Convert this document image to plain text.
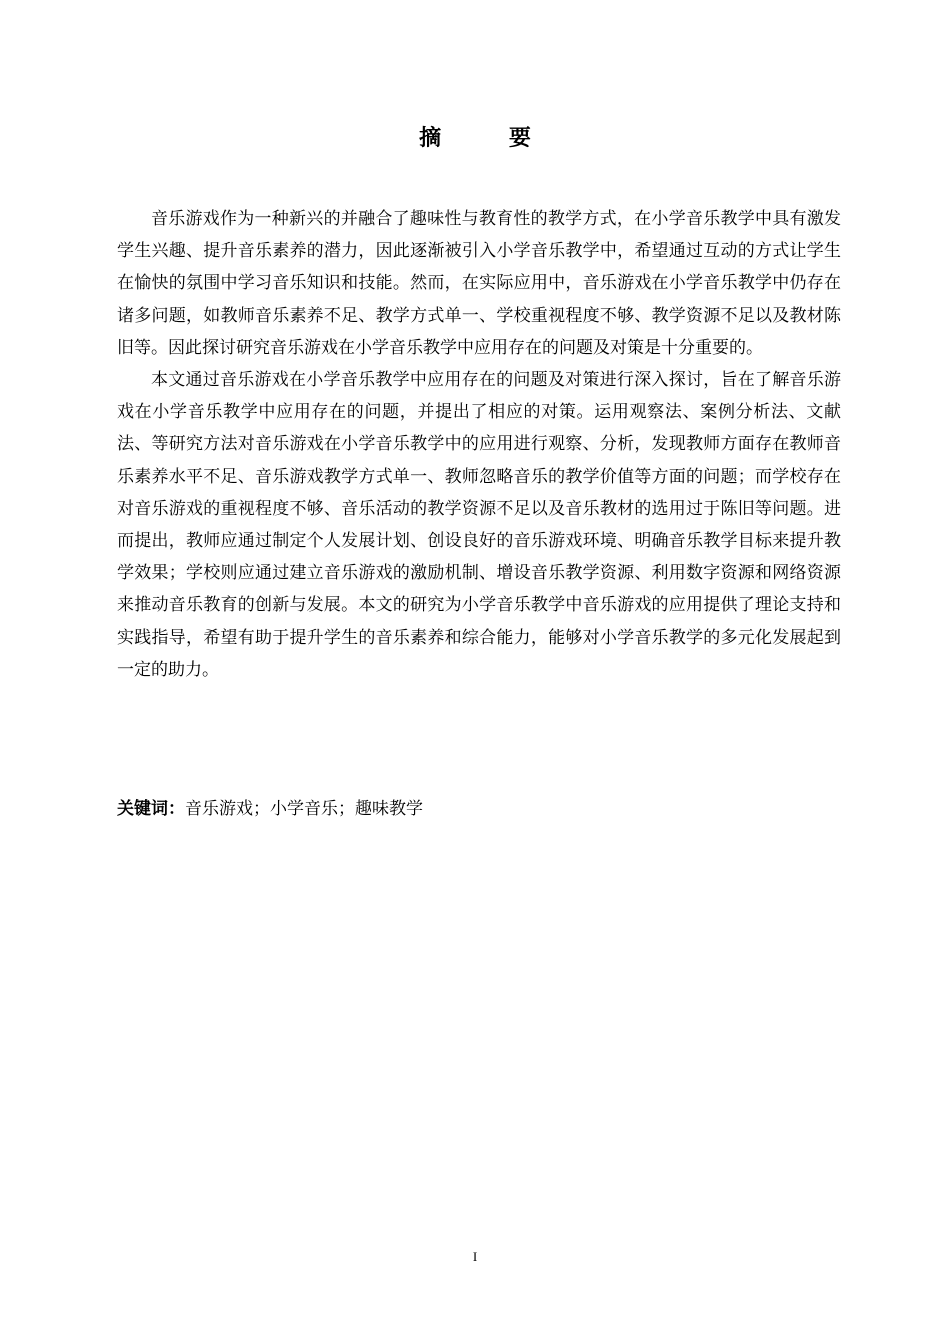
摘 要

音乐游戏作为一种新兴的并融合了趣味性与教育性的教学方式，在小学音乐教学中具有激发学生兴趣、提升音乐素养的潜力，因此逐渐被引入小学音乐教学中，希望通过互动的方式让学生在愉快的氛围中学习音乐知识和技能。然而，在实际应用中，音乐游戏在小学音乐教学中仍存在诸多问题，如教师音乐素养不足、教学方式单一、学校重视程度不够、教学资源不足以及教材陈旧等。因此探讨研究音乐游戏在小学音乐教学中应用存在的问题及对策是十分重要的。

本文通过音乐游戏在小学音乐教学中应用存在的问题及对策进行深入探讨，旨在了解音乐游戏在小学音乐教学中应用存在的问题，并提出了相应的对策。运用观察法、案例分析法、文献法、等研究方法对音乐游戏在小学音乐教学中的应用进行观察、分析，发现教师方面存在教师音乐素养水平不足、音乐游戏教学方式单一、教师忽略音乐的教学价值等方面的问题；而学校存在对音乐游戏的重视程度不够、音乐活动的教学资源不足以及音乐教材的选用过于陈旧等问题。进而提出，教师应通过制定个人发展计划、创设良好的音乐游戏环境、明确音乐教学目标来提升教学效果；学校则应通过建立音乐游戏的激励机制、增设音乐教学资源、利用数字资源和网络资源来推动音乐教育的创新与发展。本文的研究为小学音乐教学中音乐游戏的应用提供了理论支持和实践指导，希望有助于提升学生的音乐素养和综合能力，能够对小学音乐教学的多元化发展起到一定的助力。

关键词：音乐游戏；小学音乐；趣味教学
I
